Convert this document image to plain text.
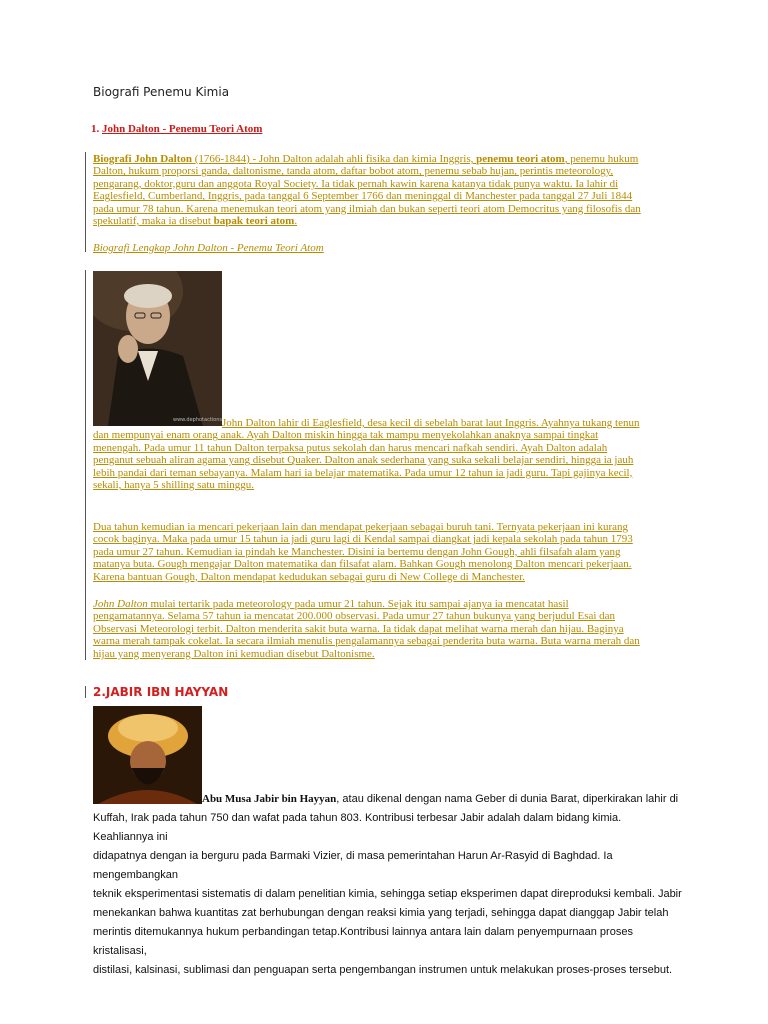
Biografi Penemu Kimia
1. John Dalton - Penemu Teori Atom
Biografi John Dalton (1766-1844) - John Dalton adalah ahli fisika dan kimia Inggris, penemu teori atom, penemu hukum
Dalton, hukum proporsi ganda, daltonisme, tanda atom, daftar bobot atom, penemu sebab hujan, perintis meteorology,
pengarang, doktor,guru dan anggota Royal Society. Ia tidak pernah kawin karena katanya tidak punya waktu. Ia lahir di
Eaglesfield, Cumberland, Inggris, pada tanggal 6 September 1766 dan meninggal di Manchester pada tanggal 27 Juli 1844
pada umur 78 tahun. Karena menemukan teori atom yang ilmiah dan bukan seperti teori atom Democritus yang filosofis dan
spekulatif, maka ia disebut bapak teori atom.
Biografi Lengkap John Dalton - Penemu Teori Atom
www.dephotactions John Dalton lahir di Eaglesfield, desa kecil di sebelah barat laut Inggris. Ayahnya tukang tenun
dan mempunyai enam orang anak. Ayah Dalton miskin hingga tak mampu menyekolahkan anaknya sampai tingkat
menengah. Pada umur 11 tahun Dalton terpaksa putus sekolah dan harus mencari nafkah sendiri. Ayah Dalton adalah
penganut sebuah aliran agama yang disebut Quaker. Dalton anak sederhana yang suka sekali belajar sendiri, hingga ia jauh
lebih pandai dari teman sebayanya. Malam hari ia belajar matematika. Pada umur 12 tahun ia jadi guru. Tapi gajinya kecil,
sekali, hanya 5 shilling satu minggu.
Dua tahun kemudian ia mencari pekerjaan lain dan mendapat pekerjaan sebagai buruh tani. Ternyata pekerjaan ini kurang
cocok baginya. Maka pada umur 15 tahun ia jadi guru lagi di Kendal sampai diangkat jadi kepala sekolah pada tahun 1793
pada umur 27 tahun. Kemudian ia pindah ke Manchester. Disini ia bertemu dengan John Gough, ahli filsafah alam yang
matanya buta. Gough mengajar Dalton matematika dan filsafat alam. Bahkan Gough menolong Dalton mencari pekerjaan.
Karena bantuan Gough, Dalton mendapat kedudukan sebagai guru di New College di Manchester.
John Dalton mulai tertarik pada meteorology pada umur 21 tahun. Sejak itu sampai ajanya ia mencatat hasil
pengamatannya. Selama 57 tahun ia mencatat 200.000 observasi. Pada umur 27 tahun bukunya yang berjudul Esai dan
Observasi Meteorologi terbit. Dalton menderita sakit buta warna. Ia tidak dapat melihat warna merah dan hijau. Baginya
warna merah tampak cokelat. Ia secara ilmiah menulis pengalamannya sebagai penderita buta warna. Buta warna merah dan
hijau yang menyerang Dalton ini kemudian disebut Daltonisme.
2.JABIR IBN HAYYAN
Abu Musa Jabir bin Hayyan, atau dikenal dengan nama Geber di dunia Barat, diperkirakan lahir di
Kuffah, Irak pada tahun 750 dan wafat pada tahun 803. Kontribusi terbesar Jabir adalah dalam bidang kimia. Keahliannya ini
didapatnya dengan ia berguru pada Barmaki Vizier, di masa pemerintahan Harun Ar-Rasyid di Baghdad. Ia mengembangkan
teknik eksperimentasi sistematis di dalam penelitian kimia, sehingga setiap eksperimen dapat direproduksi kembali. Jabir
menekankan bahwa kuantitas zat berhubungan dengan reaksi kimia yang terjadi, sehingga dapat dianggap Jabir telah
merintis ditemukannya hukum perbandingan tetap.Kontribusi lainnya antara lain dalam penyempurnaan proses kristalisasi,
distilasi, kalsinasi, sublimasi dan penguapan serta pengembangan instrumen untuk melakukan proses-proses tersebut.
